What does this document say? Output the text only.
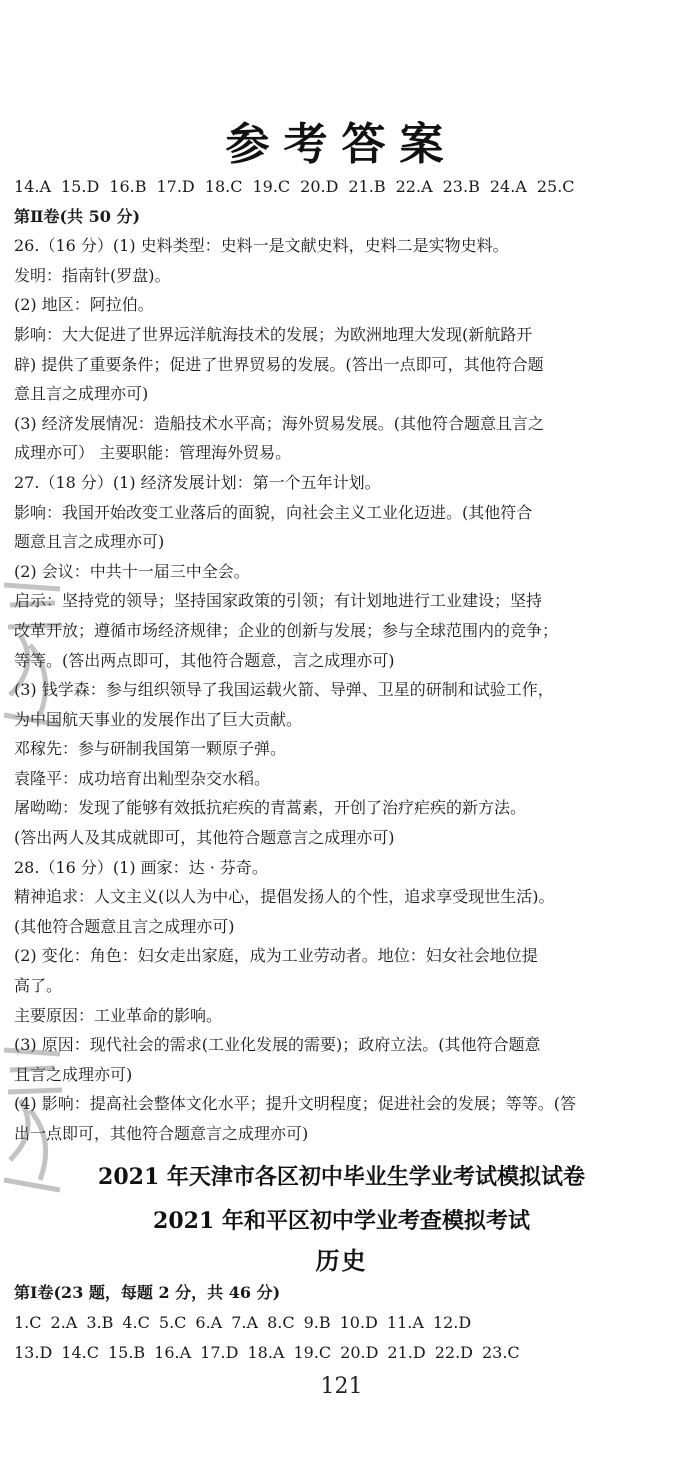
参考答案
14.A 15.D 16.B 17.D 18.C 19.C 20.D 21.B 22.A 23.B 24.A 25.C
第Ⅱ卷(共 50 分)
26.（16 分）(1) 史料类型：史料一是文献史料，史料二是实物史料。
发明：指南针(罗盘)。
(2) 地区：阿拉伯。
影响：大大促进了世界远洋航海技术的发展；为欧洲地理大发现(新航路开
辟) 提供了重要条件；促进了世界贸易的发展。(答出一点即可，其他符合题
意且言之成理亦可)
(3) 经济发展情况：造船技术水平高；海外贸易发展。(其他符合题意且言之
成理亦可） 主要职能：管理海外贸易。
27.（18 分）(1) 经济发展计划：第一个五年计划。
影响：我国开始改变工业落后的面貌，向社会主义工业化迈进。(其他符合
题意且言之成理亦可)
(2) 会议：中共十一届三中全会。
启示：坚持党的领导；坚持国家政策的引领；有计划地进行工业建设；坚持
改革开放；遵循市场经济规律；企业的创新与发展；参与全球范围内的竞争；
等等。(答出两点即可，其他符合题意，言之成理亦可)
(3) 钱学森：参与组织领导了我国运载火箭、导弹、卫星的研制和试验工作，
为中国航天事业的发展作出了巨大贡献。
邓稼先：参与研制我国第一颗原子弹。
袁隆平：成功培育出籼型杂交水稻。
屠呦呦：发现了能够有效抵抗疟疾的青蒿素，开创了治疗疟疾的新方法。
(答出两人及其成就即可，其他符合题意言之成理亦可)
28.（16 分）(1) 画家：达 · 芬奇。
精神追求：人文主义(以人为中心，提倡发扬人的个性，追求享受现世生活)。
(其他符合题意且言之成理亦可)
(2) 变化：角色：妇女走出家庭，成为工业劳动者。地位：妇女社会地位提
高了。
主要原因：工业革命的影响。
(3) 原因：现代社会的需求(工业化发展的需要)；政府立法。(其他符合题意
且言之成理亦可)
(4) 影响：提高社会整体文化水平；提升文明程度；促进社会的发展；等等。(答
出一点即可，其他符合题意言之成理亦可)
2021 年天津市各区初中毕业生学业考试模拟试卷
2021 年和平区初中学业考查模拟考试
历史
第Ⅰ卷(23 题，每题 2 分，共 46 分)
1.C 2.A 3.B 4.C 5.C 6.A 7.A 8.C 9.B 10.D 11.A 12.D
13.D 14.C 15.B 16.A 17.D 18.A 19.C 20.D 21.D 22.D 23.C
121
